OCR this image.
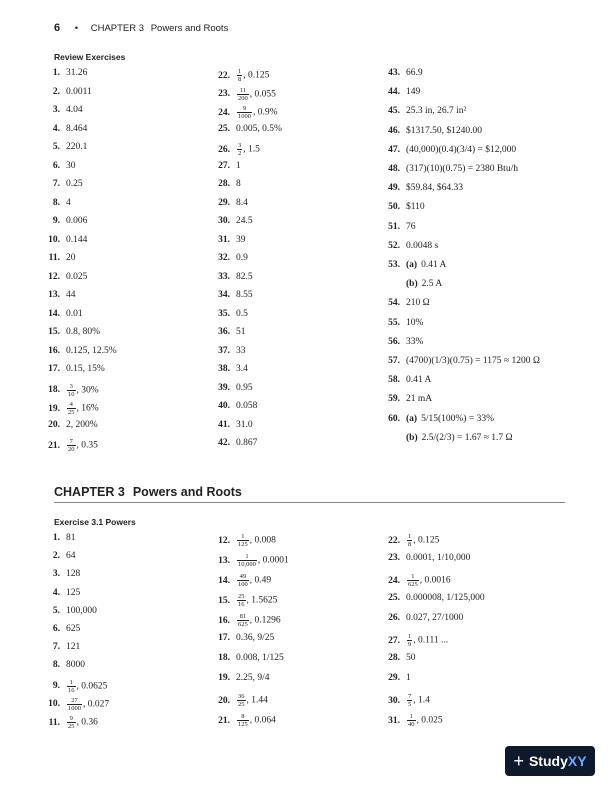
6 • CHAPTER 3 Powers and Roots
Review Exercises
1. 31.26
2. 0.0011
3. 4.04
4. 8.464
5. 220.1
6. 30
7. 0.25
8. 4
9. 0.006
10. 0.144
11. 20
12. 0.025
13. 44
14. 0.01
15. 0.8, 80%
16. 0.125, 12.5%
17. 0.15, 15%
18. $\frac{3}{10}$ , 30%
19. $\frac{4}{25}$ , 16%
20. 2, 200%
21. $\frac{7}{20}$ , 0.35
22. $\frac{1}{8}$ , 0.125
23. $\frac{11}{200}$ , 0.055
24. $\frac{9}{1000}$ , 0.9%
25. 0.005, 0.5%
26. $\frac{3}{2}$ , 1.5
27. 1
28. 8
29. 8.4
30. 24.5
31. 39
32. 0.9
33. 82.5
34. 8.55
35. 0.5
36. 51
37. 33
38. 3.4
39. 0.95
40. 0.058
41. 31.0
42. 0.867
43. 66.9
44. 149
45. 25.3 in, 26.7 in²
46. $1317.50, $1240.00
47. (40,000)(0.4)(3/4) = $12,000
48. (317)(10)(0.75) = 2380 Btu/h
49. $59.84, $64.33
50. $110
51. 76
52. 0.0048 s
53. (a) 0.41 A
(b) 2.5 A
54. 210 Ω
55. 10%
56. 33%
57. (4700)(1/3)(0.75) = 1175 ≈ 1200 Ω
58. 0.41 A
59. 21 mA
60. (a) 5/15(100%) = 33%
(b) 2.5/(2/3) = 1.67 ≈ 1.7 Ω
CHAPTER 3 Powers and Roots
Exercise 3.1 Powers
1. 81
2. 64
3. 128
4. 125
5. 100,000
6. 625
7. 121
8. 8000
9. $\frac{1}{16}$ , 0.0625
10. $\frac{27}{1000}$ , 0.027
11. $\frac{9}{25}$ , 0.36
12. $\frac{1}{125}$ , 0.008
13. $\frac{1}{10,000}$ , 0.0001
14. $\frac{49}{100}$ , 0.49
15. $\frac{25}{16}$ , 1.5625
16. $\frac{81}{625}$ , 0.1296
17. 0.36, 9/25
18. 0.008, 1/125
19. 2.25, 9/4
20. $\frac{36}{25}$ , 1.44
21. $\frac{8}{125}$ , 0.064
22. $\frac{1}{8}$ , 0.125
23. 0.0001, 1/10,000
24. $\frac{1}{625}$ , 0.0016
25. 0.000008, 1/125,000
26. 0.027, 27/1000
27. $\frac{1}{9}$ , 0.111 ...
28. 50
29. 1
30. $\frac{7}{5}$ , 1.4
31. $\frac{1}{40}$ , 0.025
+ Study XY
